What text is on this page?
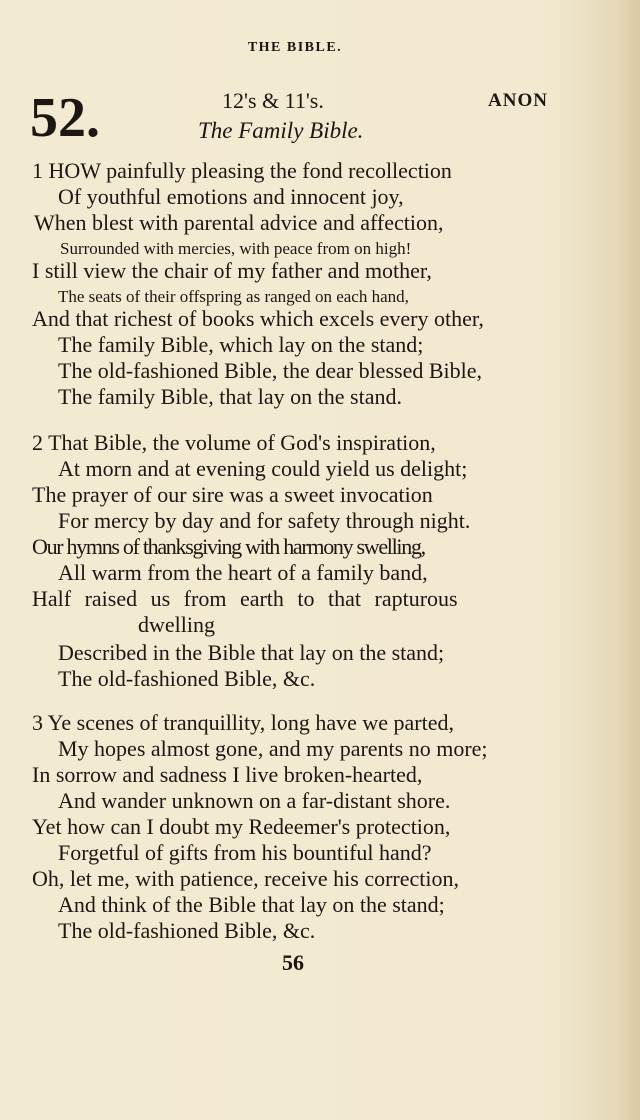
THE BIBLE.
52.	12's & 11's.	ANON
The Family Bible.
1 HOW painfully pleasing the fond recollection
Of youthful emotions and innocent joy,
When blest with parental advice and affection,
Surrounded with mercies, with peace from on high!
I still view the chair of my father and mother,
The seats of their offspring as ranged on each hand,
And that richest of books which excels every other,
The family Bible, which lay on the stand;
The old-fashioned Bible, the dear blessed Bible,
The family Bible, that lay on the stand.
2 That Bible, the volume of God's inspiration,
At morn and at evening could yield us delight;
The prayer of our sire was a sweet invocation
For mercy by day and for safety through night.
Our hymns of thanksgiving with harmony swelling,
All warm from the heart of a family band,
Half raised us from earth to that rapturous
dwelling
Described in the Bible that lay on the stand;
The old-fashioned Bible, &c.
3 Ye scenes of tranquillity, long have we parted,
My hopes almost gone, and my parents no more;
In sorrow and sadness I live broken-hearted,
And wander unknown on a far-distant shore.
Yet how can I doubt my Redeemer's protection,
Forgetful of gifts from his bountiful hand?
Oh, let me, with patience, receive his correction,
And think of the Bible that lay on the stand;
The old-fashioned Bible, &c.
56
